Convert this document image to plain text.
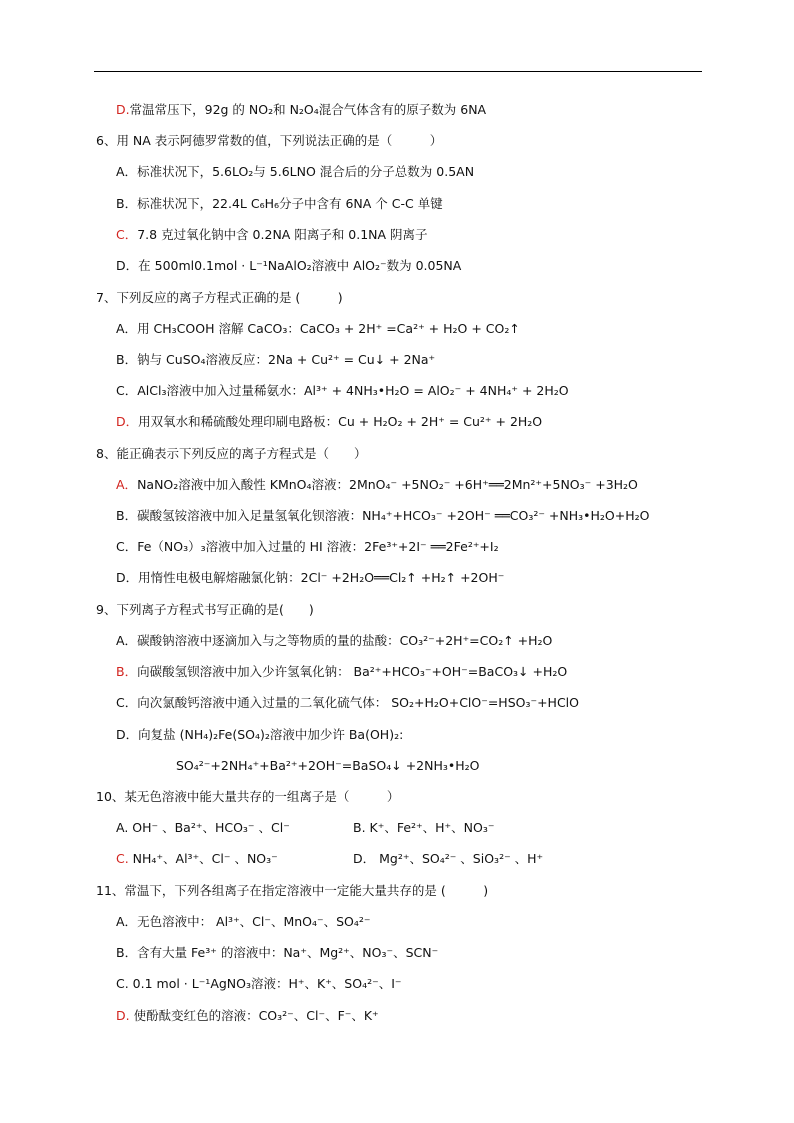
D.常温常压下，92g 的 NO₂和 N₂O₄混合气体含有的原子数为 6NA
6、用 NA 表示阿德罗常数的值，下列说法正确的是（　　　）
A．标准状况下，5.6LO₂与 5.6LNO 混合后的分子总数为 0.5AN
B．标准状况下，22.4L C₆H₆分子中含有 6NA 个 C-C 单键
C．7.8 克过氧化钠中含 0.2NA 阳离子和 0.1NA 阴离子
D．在 500ml0.1mol · L⁻¹NaAlO₂溶液中 AlO₂⁻数为 0.05NA
7、下列反应的离子方程式正确的是 (　　　)
A．用 CH₃COOH 溶解 CaCO₃：CaCO₃ + 2H⁺ =Ca²⁺ + H₂O + CO₂↑
B．钠与 CuSO₄溶液反应：2Na + Cu²⁺ = Cu↓ + 2Na⁺
C．AlCl₃溶液中加入过量稀氨水：Al³⁺ + 4NH₃•H₂O = AlO₂⁻ + 4NH₄⁺ + 2H₂O
D．用双氧水和稀硫酸处理印刷电路板：Cu + H₂O₂ + 2H⁺ = Cu²⁺ + 2H₂O
8、能正确表示下列反应的离子方程式是（　　）
A．NaNO₂溶液中加入酸性 KMnO₄溶液：2MnO₄⁻ +5NO₂⁻ +6H⁺══2Mn²⁺+5NO₃⁻ +3H₂O
B．碳酸氢铵溶液中加入足量氢氧化钡溶液：NH₄⁺+HCO₃⁻ +2OH⁻ ══CO₃²⁻ +NH₃•H₂O+H₂O
C．Fe（NO₃）₃溶液中加入过量的 HI 溶液：2Fe³⁺+2I⁻ ══2Fe²⁺+I₂
D．用惰性电极电解熔融氯化钠：2Cl⁻ +2H₂O══Cl₂↑ +H₂↑ +2OH⁻
9、下列离子方程式书写正确的是(　　)
A．碳酸钠溶液中逐滴加入与之等物质的量的盐酸：CO₃²⁻+2H⁺=CO₂↑ +H₂O
B．向碳酸氢钡溶液中加入少许氢氧化钠： Ba²⁺+HCO₃⁻+OH⁻=BaCO₃↓ +H₂O
C．向次氯酸钙溶液中通入过量的二氧化硫气体： SO₂+H₂O+ClO⁻=HSO₃⁻+HClO
D．向复盐 (NH₄)₂Fe(SO₄)₂溶液中加少许 Ba(OH)₂:
SO₄²⁻+2NH₄⁺+Ba²⁺+2OH⁻=BaSO₄↓ +2NH₃•H₂O
10、某无色溶液中能大量共存的一组离子是（　　　）
A. OH⁻ 、Ba²⁺、HCO₃⁻ 、Cl⁻	B. K⁺、Fe²⁺、H⁺、NO₃⁻
C. NH₄⁺、Al³⁺、Cl⁻ 、NO₃⁻	D． Mg²⁺、SO₄²⁻ 、SiO₃²⁻ 、H⁺
11、常温下，下列各组离子在指定溶液中一定能大量共存的是 (　　　)
A．无色溶液中： Al³⁺、Cl⁻、MnO₄⁻、SO₄²⁻
B．含有大量 Fe³⁺ 的溶液中：Na⁺、Mg²⁺、NO₃⁻、SCN⁻
C. 0.1 mol · L⁻¹AgNO₃溶液：H⁺、K⁺、SO₄²⁻、I⁻
D. 使酚酞变红色的溶液：CO₃²⁻、Cl⁻、F⁻、K⁺
